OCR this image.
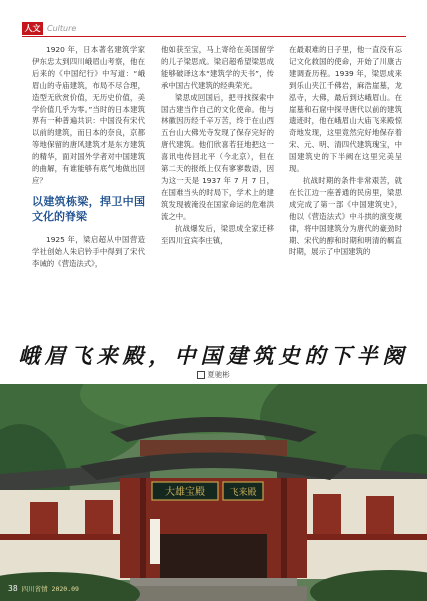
人文 Culture

1920 年，日本著名建筑学家伊东忠太到四川峨眉山考察，他在后来的《中国纪行》中写道：“峨眉山的寺庙建筑，布局不尽合理，造型无欣赏价值，无历史价值，美学价值几乎为零。”当时的日本建筑界有一种普遍共识：中国没有宋代以前的建筑，而日本的奈良，京都等地保留的唐风建筑才是东方建筑的精华，面对国外学者对中国建筑的曲解，有谁能够有底气地做出回应？

以建筑栋梁，捍卫中国文化的脊梁

1925 年，梁启超从中国营造学社创始人朱启钤手中得到了宋代李诫的《营造法式》，

他如获至宝，马上寄给在美国留学的儿子梁思成。梁启超希望梁思成能够破译这本“建筑学的天书”，传承中国古代建筑的经典荣光。

梁思成回国后，把寻找探索中国古建当作自己的文化使命。他与林徽因历经千辛万苦，终于在山西五台山大佛光寺发现了保存完好的唐代建筑。他们欣喜若狂地把这一喜讯电传回北平（今北京），但在第二天的报纸上仅有寥寥数语，因为这一天是 1937 年 7 月 7 日，在国难当头的时局下，学术上的建筑发现被淹没在国家命运的危难洪流之中。

抗战爆发后，梁思成全家迁移至四川宜宾李庄镇，

在最艰难的日子里，他一直没有忘记文化救国的使命，开始了川康古建调查历程。1939 年，梁思成来到乐山夹江千佛岩，麻浩崖墓，龙泓寺，大佛，最后到达峨眉山。在崖墓和石窟中探寻唐代以前的建筑遗迹时，他在峨眉山大庙飞来殿惊奇地发现，这里竟然完好地保存着宋、元、明、清四代建筑瑰宝，中国建筑史的下半阙在这里完美呈现。

抗战时期的条件非常艰苦，就在长江边一座普通的民房里，梁思成完成了第一部《中国建筑史》，他以《营造法式》中斗拱的演变规律，将中国建筑分为唐代的豪劲时期、宋代的醇和时期和明清的羁直时期，展示了中国建筑的

峨眉飞来殿，中国建筑史的下半阕
夏驰彬
大雄宝殿	飞来殿
38 四川省情 2020.09
